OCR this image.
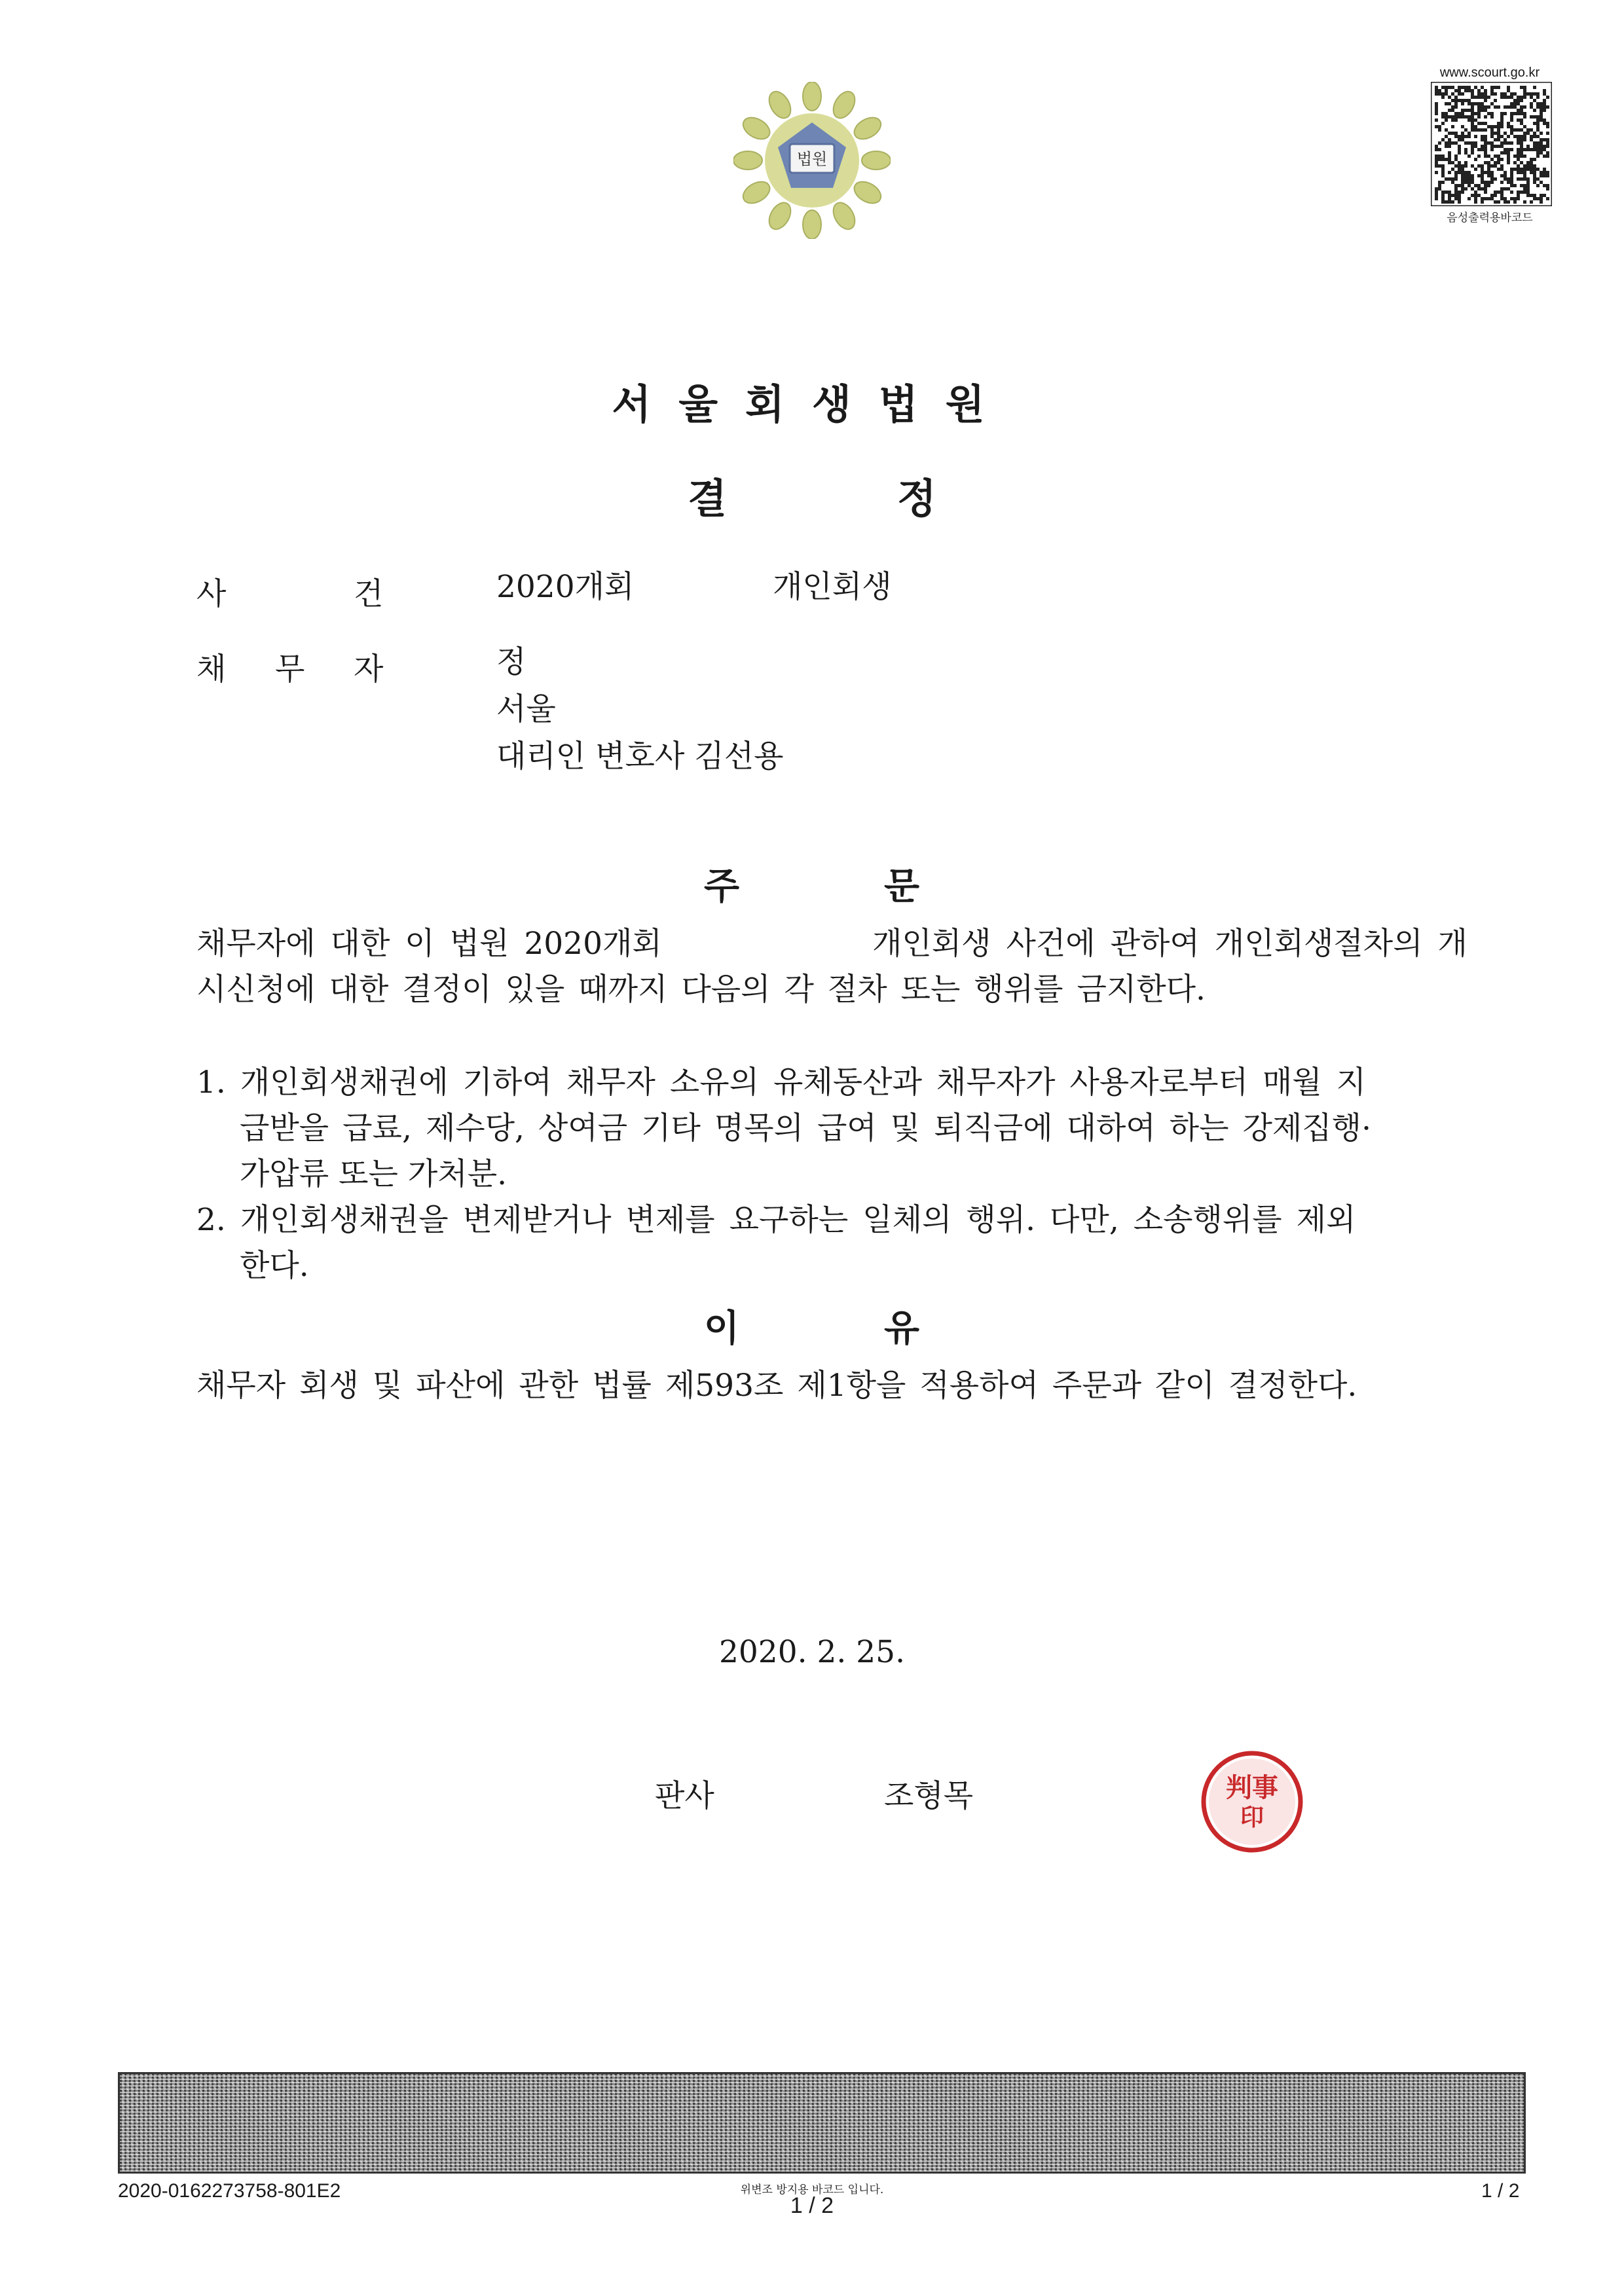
법원
www.scourt.go.kr
음성출력용바코드
서울회생법원
결정
사	건	2020개회	개인회생
채 무 자	정
서울
대리인 변호사 김선용
주	문
채무자에 대한 이 법원 2020개회              개인회생 사건에 관하여 개인회생절차의 개
시신청에 대한 결정이 있을 때까지 다음의 각 절차 또는 행위를 금지한다.
1. 개인회생채권에 기하여 채무자 소유의 유체동산과 채무자가 사용자로부터 매월 지
급받을 급료, 제수당, 상여금 기타 명목의 급여 및 퇴직금에 대하여 하는 강제집행·
가압류 또는 가처분.
2. 개인회생채권을 변제받거나 변제를 요구하는 일체의 행위. 다만, 소송행위를 제외
한다.
이	유
채무자 회생 및 파산에 관한 법률 제593조 제1항을 적용하여 주문과 같이 결정한다.
2020. 2. 25.
판사	조형목	判事
印
2020-0162273758-801E2	위변조 방지용 바코드 입니다.
1 / 2
1 / 2
